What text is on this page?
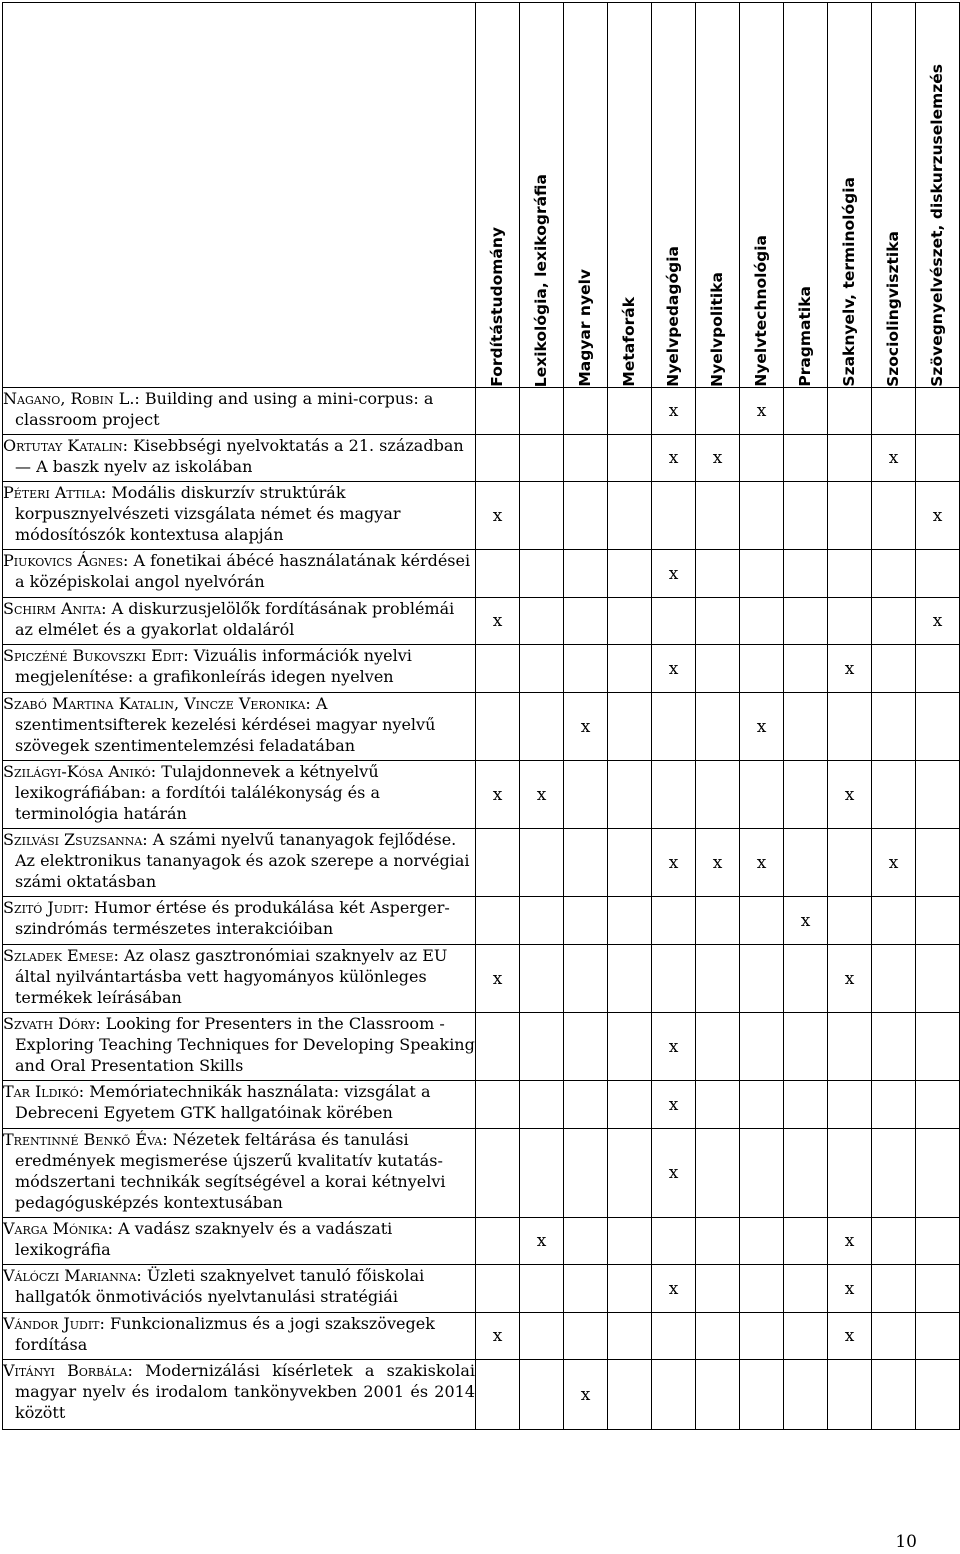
	Fordítástudomány	Lexikológia, lexikográfia	Magyar nyelv	Metaforák	Nyelvpedagógia	Nyelvpolitika	Nyelvtechnológia	Pragmatika	Szaknyelv, terminológia	Szociolingvisztika	Szövegnyelvészet, diskurzuselemzés

Nagano, Robin L.: Building and using a mini-corpus: a classroom project					x		x				

Ortutay Katalin: Kisebbségi nyelvoktatás a 21. században — A baszk nyelv az iskolában					x	x				x	

Péteri Attila: Modális diskurzív struktúrák korpusznyelvészeti vizsgálata német és magyar módosítószók kontextusa alapján	x										x

Piukovics Ágnes: A fonetikai ábécé használatának kérdései a középiskolai angol nyelvórán					x						

Schirm Anita: A diskurzusjelölők fordításának problémái az elmélet és a gyakorlat oldaláról	x										x

Spiczéné Bukovszki Edit: Vizuális információk nyelvi megjelenítése: a grafikonleírás idegen nyelven					x				x		

Szabó Martina Katalin, Vincze Veronika: A szentimentsifterek kezelési kérdései magyar nyelvű szövegek szentimentelemzési feladatában			x				x				

Szilágyi-Kósa Anikó: Tulajdonnevek a kétnyelvű lexikográfiában: a fordítói találékonyság és a terminológia határán	x	x							x		

Szilvási Zsuzsanna: A számi nyelvű tananyagok fejlődése. Az elektronikus tananyagok és azok szerepe a norvégiai számi oktatásban					x	x	x			x	

Szitó Judit: Humor értése és produkálása két Asperger-szindrómás természetes interakcióiban								x			

Szladek Emese: Az olasz gasztronómiai szaknyelv az EU által nyilvántartásba vett hagyományos különleges termékek leírásában	x								x		

Szvath Dóry: Looking for Presenters in the Classroom - Exploring Teaching Techniques for Developing Speaking and Oral Presentation Skills					x						

Tar Ildikó: Memóriatechnikák használata: vizsgálat a Debreceni Egyetem GTK hallgatóinak körében					x						

Trentinné Benkő Éva: Nézetek feltárása és tanulási eredmények megismerése újszerű kvalitatív kutatás-módszertani technikák segítségével a korai kétnyelvi pedagógusképzés kontextusában					x						

Varga Mónika: A vadász szaknyelv és a vadászati lexikográfia		x							x		

Válóczi Marianna: Üzleti szaknyelvet tanuló főiskolai hallgatók önmotivációs nyelvtanulási stratégiái					x				x		

Vándor Judit: Funkcionalizmus és a jogi szakszövegek fordítása	x								x		

Vitányi Borbála: Modernizálási kísérletek a szakiskolai magyar nyelv és irodalom tankönyvekben 2001 és 2014 között			x								
10
